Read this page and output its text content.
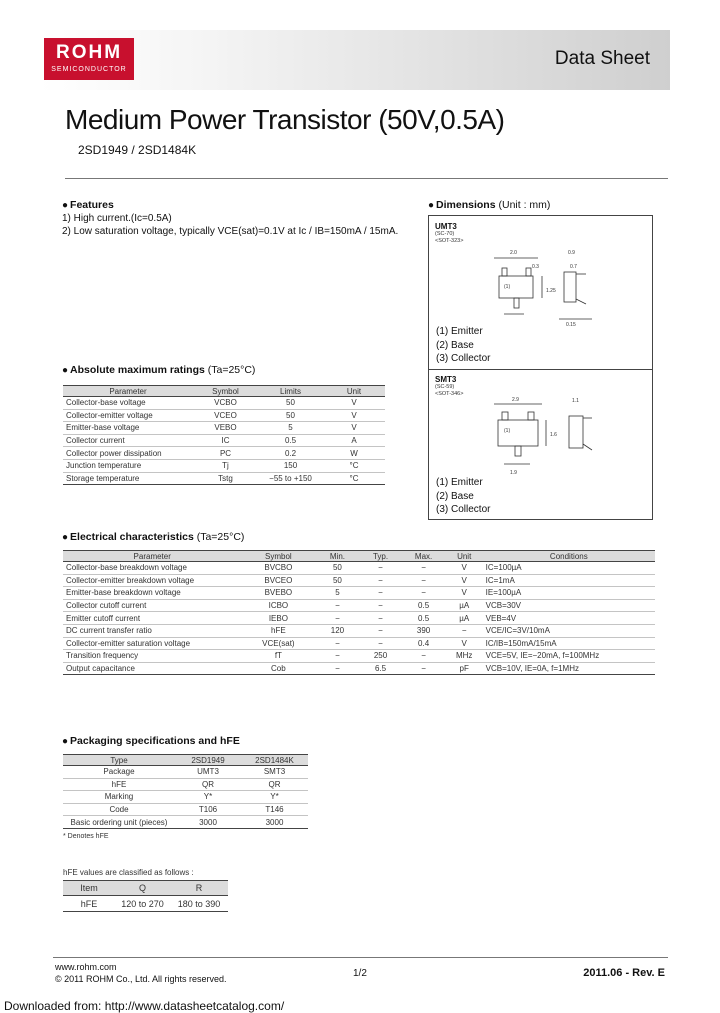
ROHM
SEMICONDUCTOR
Data Sheet
Medium Power Transistor (50V,0.5A)
2SD1949 / 2SD1484K
● Features
1) High current.(Ic=0.5A)
2) Low saturation voltage, typically VCE(sat)=0.1V at Ic / IB=150mA / 15mA.
● Dimensions (Unit : mm)
UMT3
(SC-70)
<SOT-323>
2.0	0.9
0.3	0.7
(1)
1.25
0.15
(1) Emitter
(2) Base
(3) Collector
SMT3
(SC-59)
<SOT-346>
2.9	1.1
(1)
1.6
1.9
(1) Emitter
(2) Base
(3) Collector
● Absolute maximum ratings (Ta=25°C)
Parameter	Symbol	Limits	Unit
Collector-base voltage	VCBO	50	V
Collector-emitter voltage	VCEO	50	V
Emitter-base voltage	VEBO	5	V
Collector current	IC	0.5	A
Collector power dissipation	PC	0.2	W
Junction temperature	Tj	150	°C
Storage temperature	Tstg	−55 to +150	°C
● Electrical characteristics (Ta=25°C)
Parameter	Symbol	Min.	Typ.	Max.	Unit	Conditions
Collector-base breakdown voltage	BVCBO	50	−	−	V	IC=100µA
Collector-emitter breakdown voltage	BVCEO	50	−	−	V	IC=1mA
Emitter-base breakdown voltage	BVEBO	5	−	−	V	IE=100µA
Collector cutoff current	ICBO	−	−	0.5	µA	VCB=30V
Emitter cutoff current	IEBO	−	−	0.5	µA	VEB=4V
DC current transfer ratio	hFE	120	−	390	−	VCE/IC=3V/10mA
Collector-emitter saturation voltage	VCE(sat)	−	−	0.4	V	IC/IB=150mA/15mA
Transition frequency	fT	−	250	−	MHz	VCE=5V, IE=−20mA, f=100MHz
Output capacitance	Cob	−	6.5	−	pF	VCB=10V, IE=0A, f=1MHz
● Packaging specifications and hFE
Type	2SD1949	2SD1484K
Package	UMT3	SMT3
hFE	QR	QR
Marking	Y*	Y*
Code	T106	T146
Basic ordering unit (pieces)	3000	3000
* Denotes hFE
hFE values are classified as follows :
Item	Q	R
hFE	120 to 270	180 to 390
www.rohm.com
© 2011 ROHM Co., Ltd. All rights reserved.	1/2	2011.06 - Rev. E
Downloaded from: http://www.datasheetcatalog.com/
